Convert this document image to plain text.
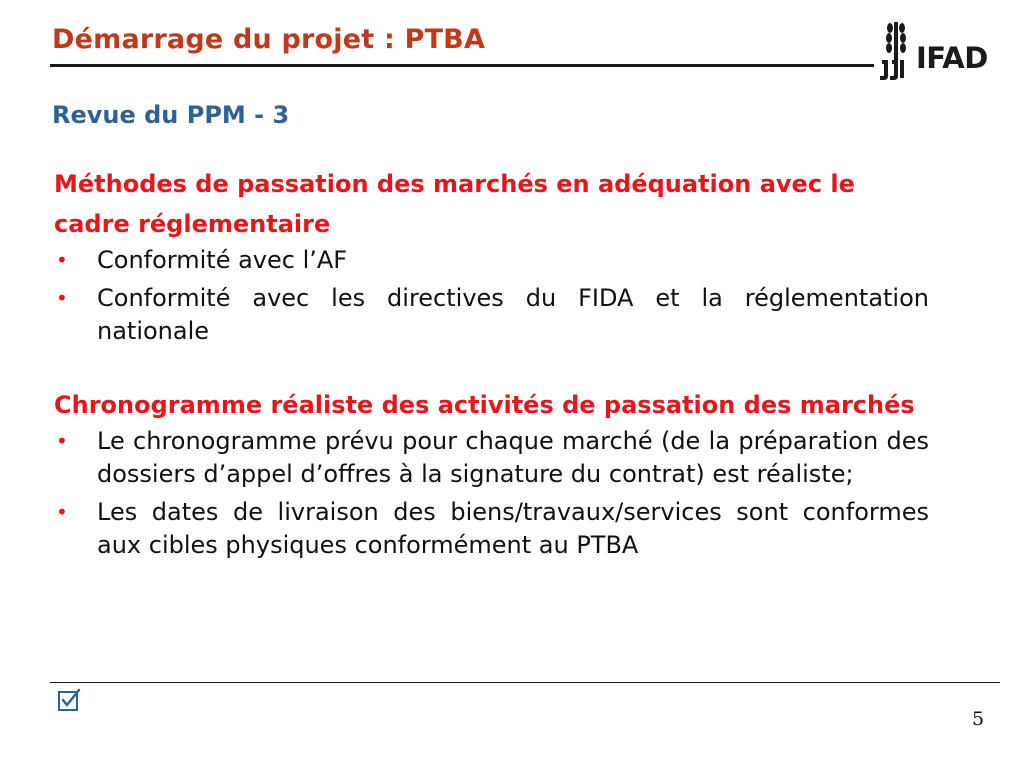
Démarrage du projet : PTBA
IFAD
Revue du PPM - 3

Méthodes de passation des marchés en adéquation avec le cadre réglementaire

• Conformité avec l’AF
• Conformité avec les directives du FIDA et la réglementation nationale

Chronogramme réaliste des activités de passation des marchés

• Le chronogramme prévu pour chaque marché (de la préparation des dossiers d’appel d’offres à la signature du contrat) est réaliste;
• Les dates de livraison des biens/travaux/services sont conformes aux cibles physiques conformément au PTBA
5
